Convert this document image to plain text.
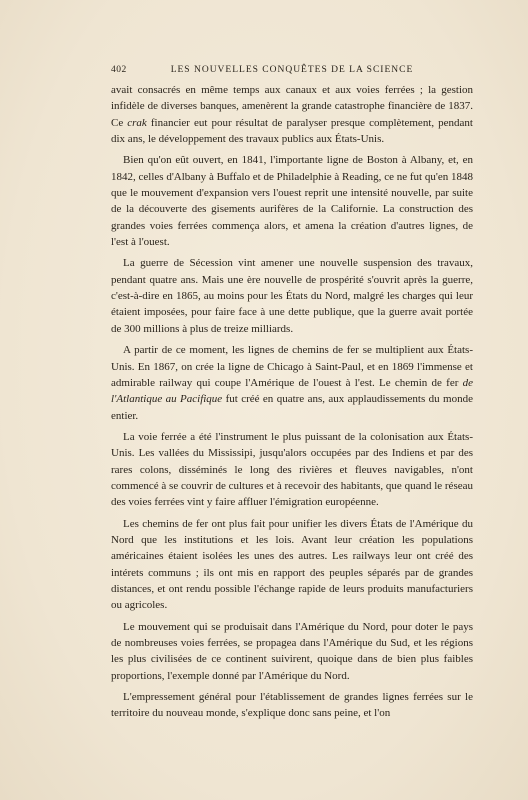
402	LES NOUVELLES CONQUÊTES DE LA SCIENCE

avait consacrés en même temps aux canaux et aux voies ferrées ; la gestion infidèle de diverses banques, amenèrent la grande catastrophe financière de 1837. Ce crak financier eut pour résultat de paralyser presque complètement, pendant dix ans, le développement des travaux publics aux États-Unis.

Bien qu'on eût ouvert, en 1841, l'importante ligne de Boston à Albany, et, en 1842, celles d'Albany à Buffalo et de Philadelphie à Reading, ce ne fut qu'en 1848 que le mouvement d'expansion vers l'ouest reprit une intensité nouvelle, par suite de la découverte des gisements aurifères de la Californie. La construction des grandes voies ferrées commença alors, et amena la création d'autres lignes, de l'est à l'ouest.

La guerre de Sécession vint amener une nouvelle suspension des travaux, pendant quatre ans. Mais une ère nouvelle de prospérité s'ouvrit après la guerre, c'est-à-dire en 1865, au moins pour les États du Nord, malgré les charges qui leur étaient imposées, pour faire face à une dette publique, que la guerre avait portée de 300 millions à plus de treize milliards.

A partir de ce moment, les lignes de chemins de fer se multiplient aux États-Unis. En 1867, on crée la ligne de Chicago à Saint-Paul, et en 1869 l'immense et admirable railway qui coupe l'Amérique de l'ouest à l'est. Le chemin de fer de l'Atlantique au Pacifique fut créé en quatre ans, aux applaudissements du monde entier.

La voie ferrée a été l'instrument le plus puissant de la colonisation aux États-Unis. Les vallées du Mississipi, jusqu'alors occupées par des Indiens et par des rares colons, disséminés le long des rivières et fleuves navigables, n'ont commencé à se couvrir de cultures et à recevoir des habitants, que quand le réseau des voies ferrées vint y faire affluer l'émigration européenne.

Les chemins de fer ont plus fait pour unifier les divers États de l'Amérique du Nord que les institutions et les lois. Avant leur création les populations américaines étaient isolées les unes des autres. Les railways leur ont créé des intérets communs ; ils ont mis en rapport des peuples séparés par de grandes distances, et ont rendu possible l'échange rapide de leurs produits manufacturiers ou agricoles.

Le mouvement qui se produisait dans l'Amérique du Nord, pour doter le pays de nombreuses voies ferrées, se propagea dans l'Amérique du Sud, et les régions les plus civilisées de ce continent suivirent, quoique dans de bien plus faibles proportions, l'exemple donné par l'Amérique du Nord.

L'empressement général pour l'établissement de grandes lignes ferrées sur le territoire du nouveau monde, s'explique donc sans peine, et l'on
